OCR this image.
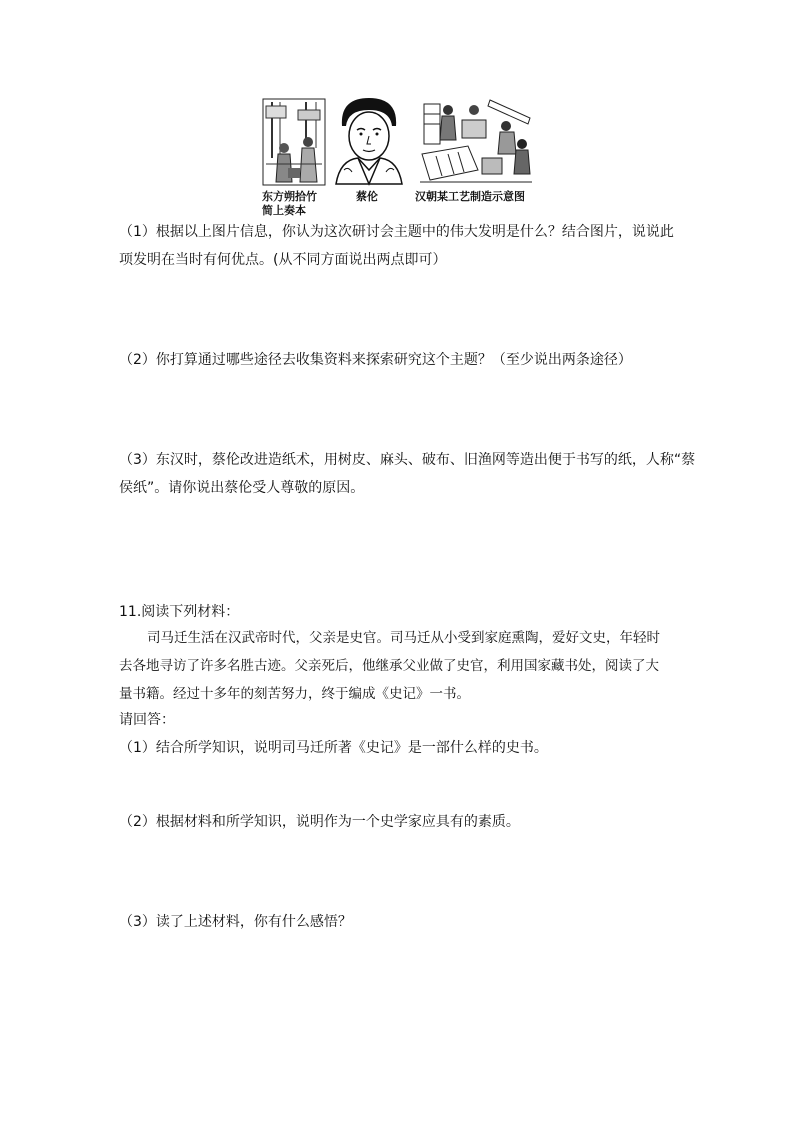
东方朔拾竹
简上奏本
蔡伦	汉朝某工艺制造示意图
（1）根据以上图片信息，你认为这次研讨会主题中的伟大发明是什么？结合图片，说说此
项发明在当时有何优点。(从不同方面说出两点即可）
（2）你打算通过哪些途径去收集资料来探索研究这个主题？（至少说出两条途径）
（3）东汉时，蔡伦改进造纸术，用树皮、麻头、破布、旧渔网等造出便于书写的纸，人称“蔡
侯纸”。请你说出蔡伦受人尊敬的原因。
11.阅读下列材料：
司马迁生活在汉武帝时代，父亲是史官。司马迁从小受到家庭熏陶，爱好文史，年轻时
去各地寻访了许多名胜古迹。父亲死后，他继承父业做了史官，利用国家藏书处，阅读了大
量书籍。经过十多年的刻苦努力，终于编成《史记》一书。
请回答：
（1）结合所学知识，说明司马迁所著《史记》是一部什么样的史书。
（2）根据材料和所学知识，说明作为一个史学家应具有的素质。
（3）读了上述材料，你有什么感悟？
